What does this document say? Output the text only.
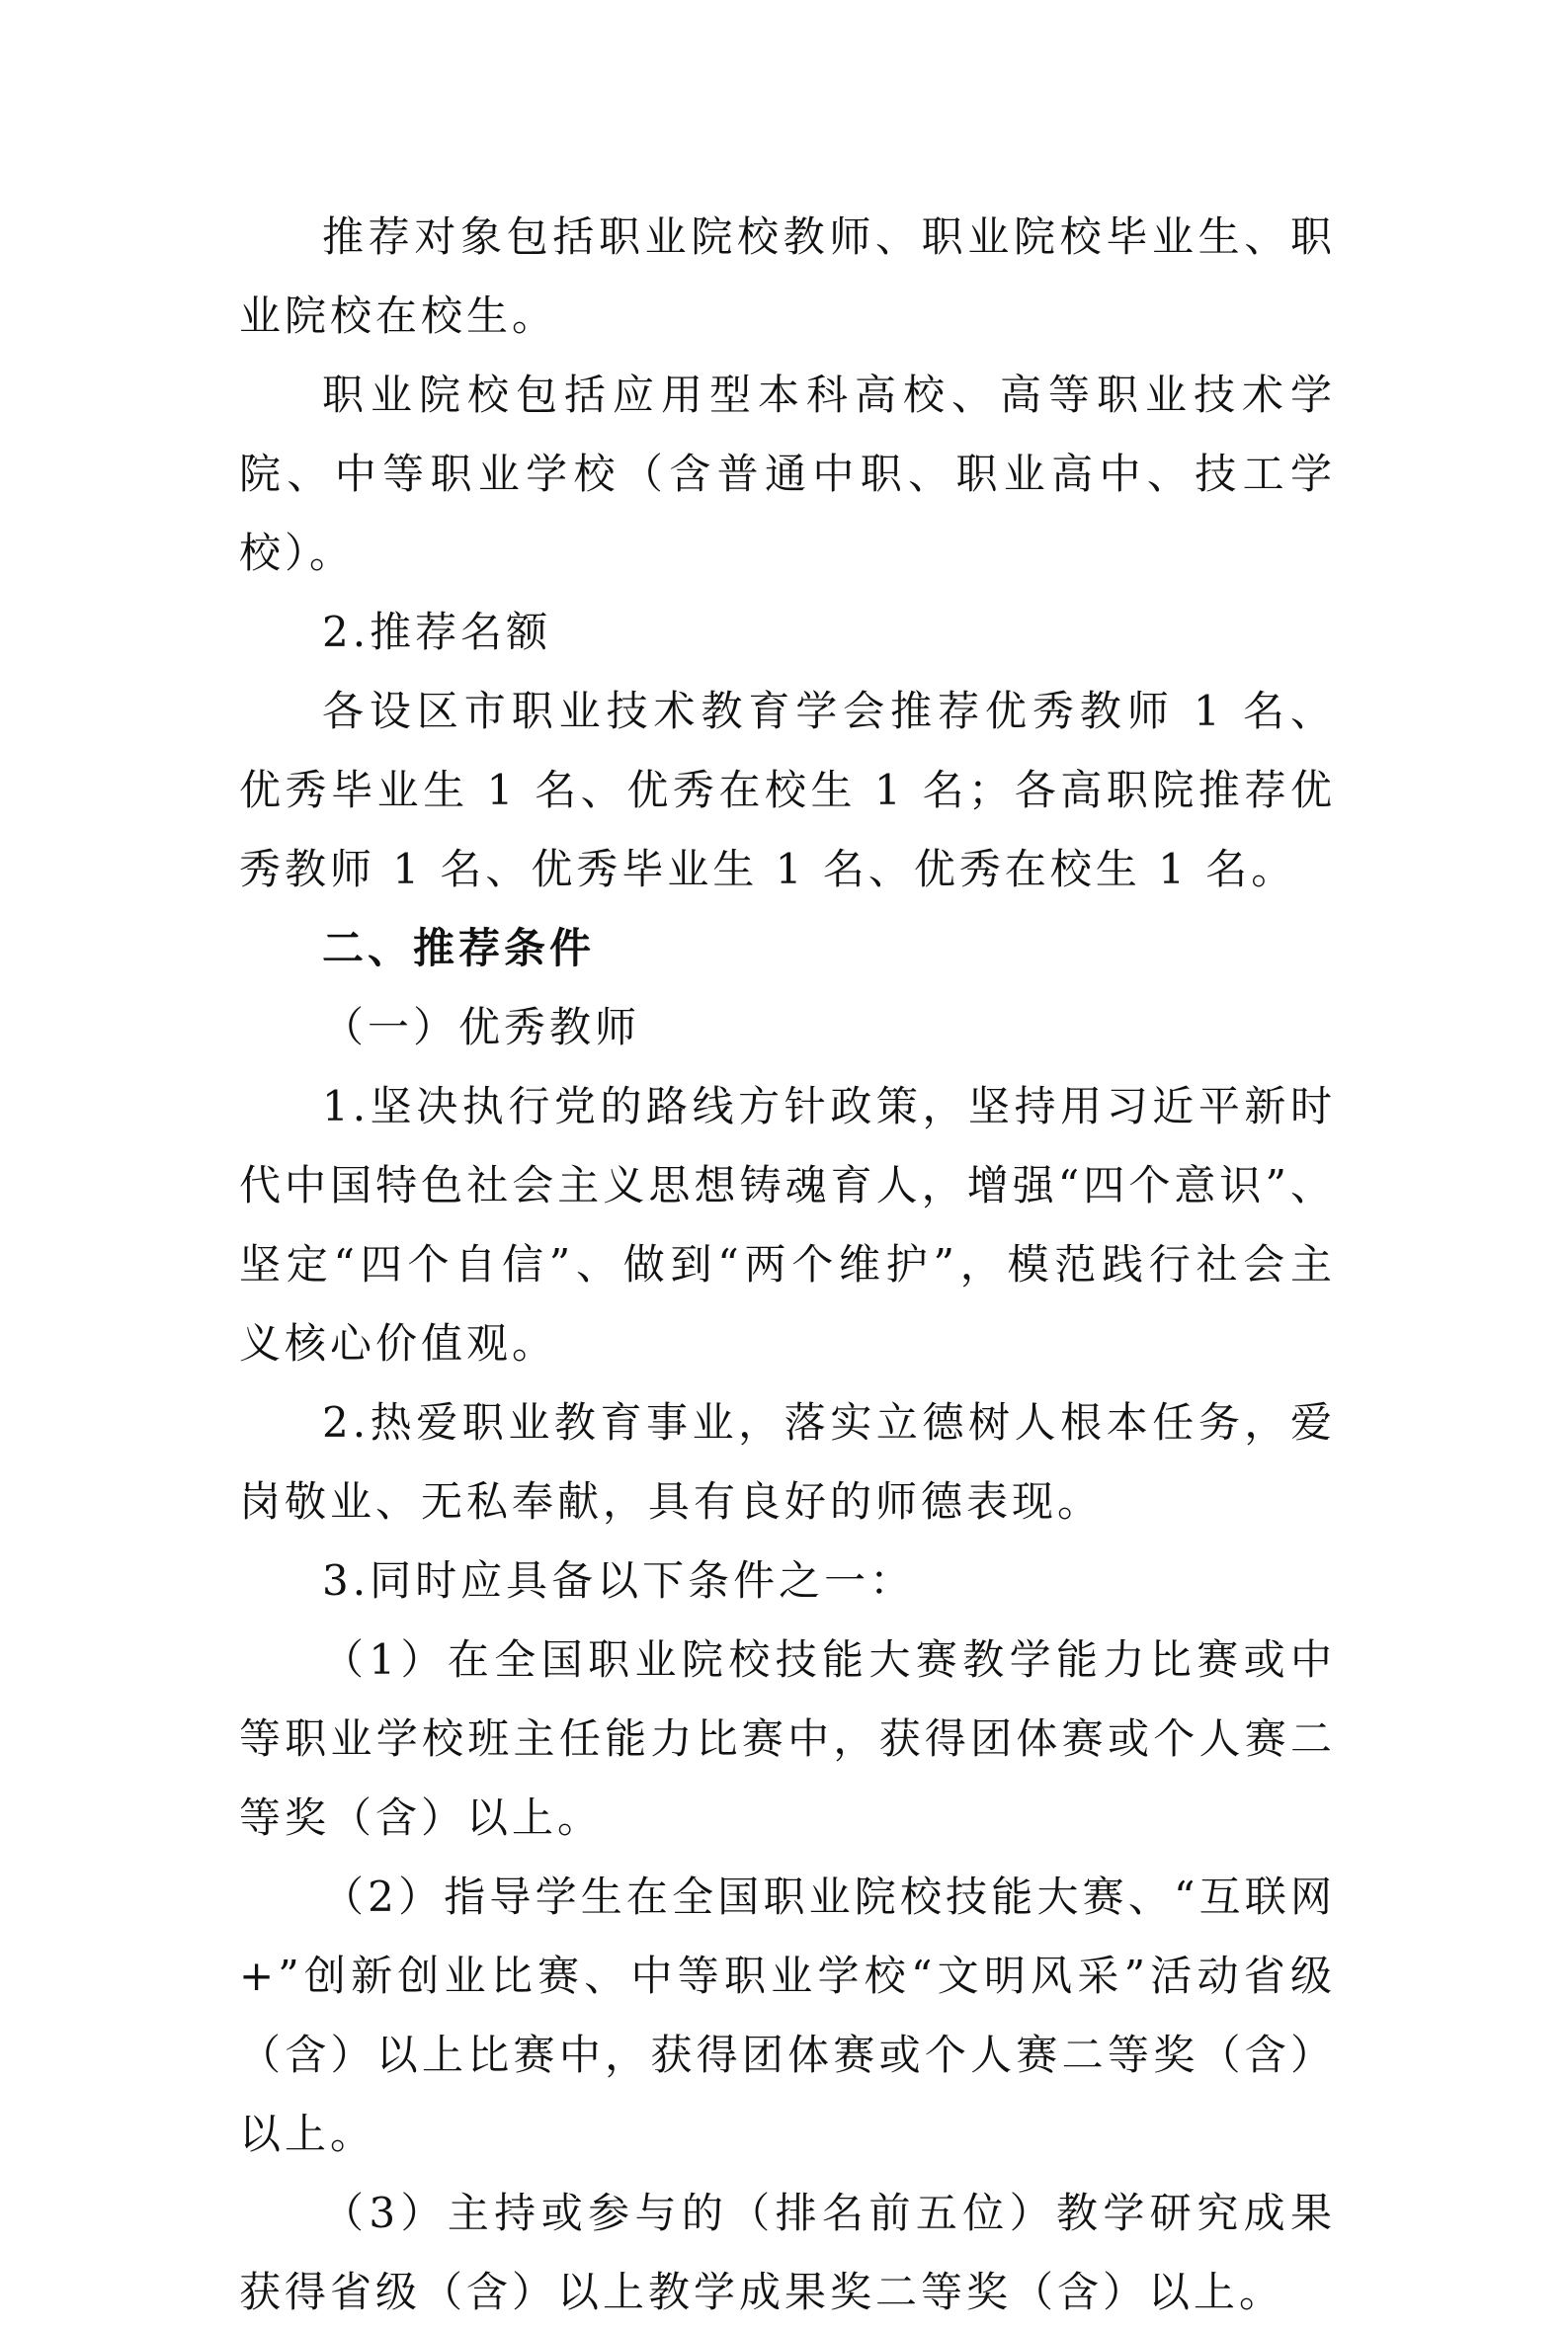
推荐对象包括职业院校教师、职业院校毕业生、职业院校在校生。

职业院校包括应用型本科高校、高等职业技术学院、中等职业学校（含普通中职、职业高中、技工学校）。

2.推荐名额

各设区市职业技术教育学会推荐优秀教师 1 名、优秀毕业生 1 名、优秀在校生 1 名；各高职院推荐优秀教师 1 名、优秀毕业生 1 名、优秀在校生 1 名。

二、推荐条件

（一）优秀教师

1.坚决执行党的路线方针政策，坚持用习近平新时代中国特色社会主义思想铸魂育人，增强“四个意识”、坚定“四个自信”、做到“两个维护”，模范践行社会主义核心价值观。

2.热爱职业教育事业，落实立德树人根本任务，爱岗敬业、无私奉献，具有良好的师德表现。

3.同时应具备以下条件之一：

（1）在全国职业院校技能大赛教学能力比赛或中等职业学校班主任能力比赛中，获得团体赛或个人赛二等奖（含）以上。

（2）指导学生在全国职业院校技能大赛、“互联网+”创新创业比赛、中等职业学校“文明风采”活动省级（含）以上比赛中，获得团体赛或个人赛二等奖（含）以上。

（3）主持或参与的（排名前五位）教学研究成果获得省级（含）以上教学成果奖二等奖（含）以上。
